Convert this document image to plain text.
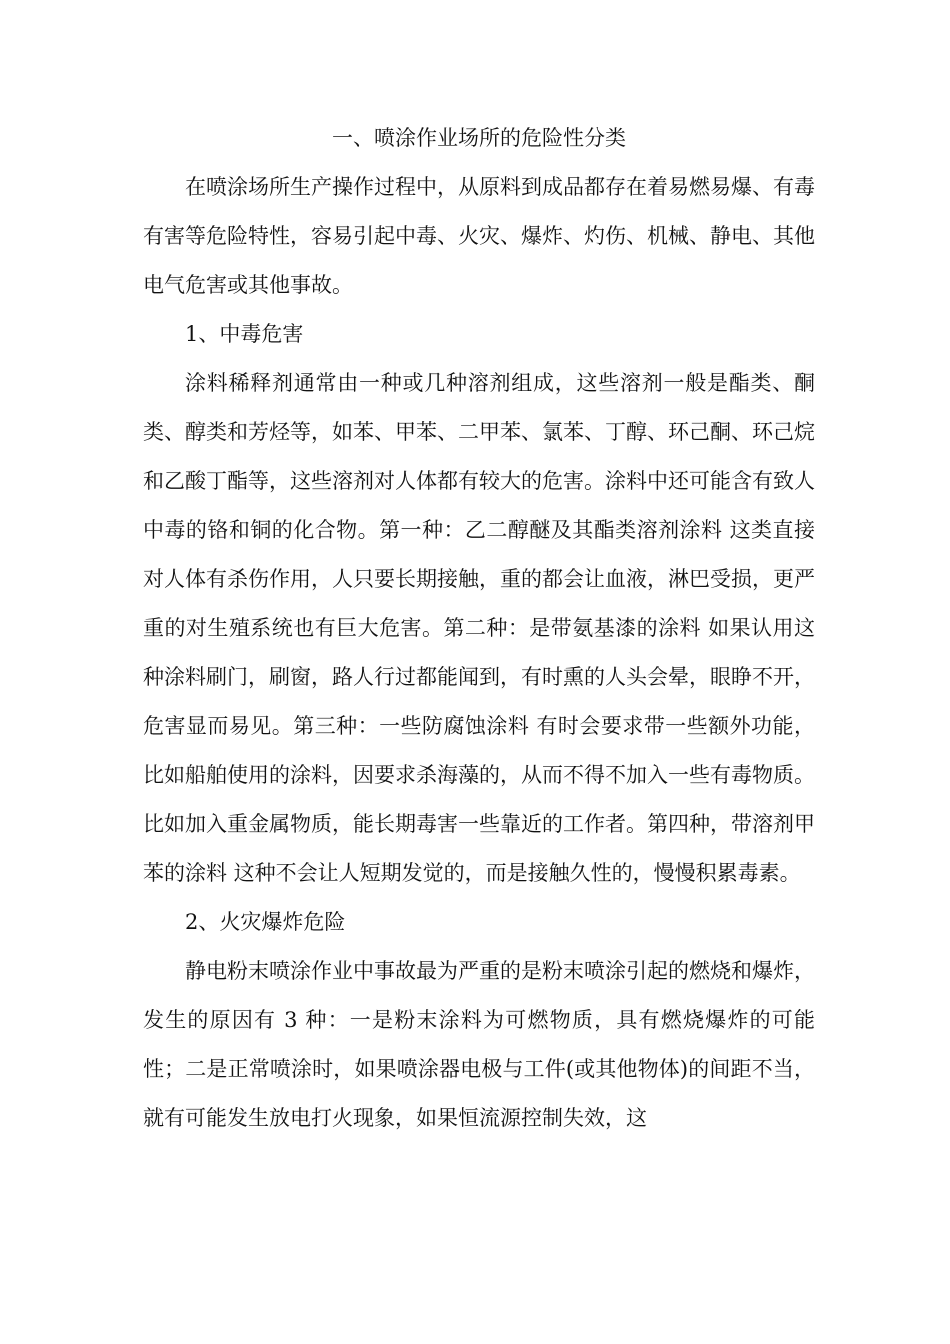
一、喷涂作业场所的危险性分类

在喷涂场所生产操作过程中，从原料到成品都存在着易燃易爆、有毒有害等危险特性，容易引起中毒、火灾、爆炸、灼伤、机械、静电、其他电气危害或其他事故。

1、中毒危害

涂料稀释剂通常由一种或几种溶剂组成，这些溶剂一般是酯类、酮类、醇类和芳烃等，如苯、甲苯、二甲苯、氯苯、丁醇、环己酮、环己烷和乙酸丁酯等，这些溶剂对人体都有较大的危害。涂料中还可能含有致人中毒的铬和铜的化合物。第一种：乙二醇醚及其酯类溶剂涂料 这类直接对人体有杀伤作用，人只要长期接触，重的都会让血液，淋巴受损，更严重的对生殖系统也有巨大危害。第二种：是带氨基漆的涂料 如果认用这种涂料刷门，刷窗，路人行过都能闻到，有时熏的人头会晕，眼睁不开，危害显而易见。第三种：一些防腐蚀涂料 有时会要求带一些额外功能，比如船舶使用的涂料，因要求杀海藻的，从而不得不加入一些有毒物质。比如加入重金属物质，能长期毒害一些靠近的工作者。第四种，带溶剂甲苯的涂料 这种不会让人短期发觉的，而是接触久性的，慢慢积累毒素。

2、火灾爆炸危险

静电粉末喷涂作业中事故最为严重的是粉末喷涂引起的燃烧和爆炸， 发生的原因有 3 种：一是粉末涂料为可燃物质，具有燃烧爆炸的可能性；二是正常喷涂时，如果喷涂器电极与工件(或其他物体)的间距不当，就有可能发生放电打火现象，如果恒流源控制失效，这
